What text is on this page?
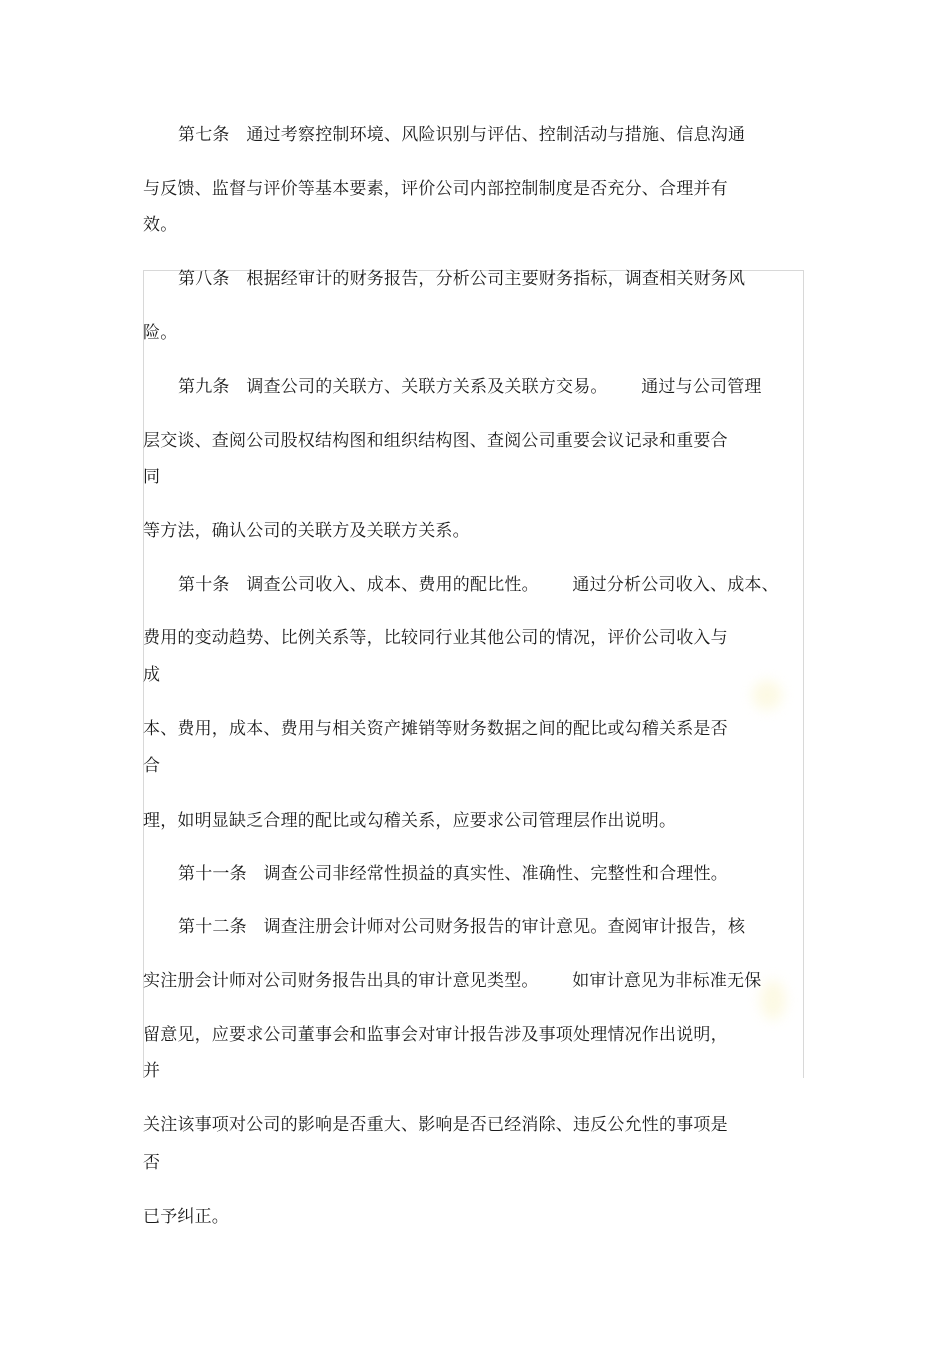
第七条   通过考察控制环境、风险识别与评估、控制活动与措施、信息沟通
与反馈、监督与评价等基本要素，评价公司内部控制制度是否充分、合理并有
效。
第八条   根据经审计的财务报告，分析公司主要财务指标，调查相关财务风
险。
第九条   调查公司的关联方、关联方关系及关联方交易。      通过与公司管理
层交谈、查阅公司股权结构图和组织结构图、查阅公司重要会议记录和重要合
同
等方法，确认公司的关联方及关联方关系。
第十条   调查公司收入、成本、费用的配比性。      通过分析公司收入、成本、
费用的变动趋势、比例关系等，比较同行业其他公司的情况，评价公司收入与
成
本、费用，成本、费用与相关资产摊销等财务数据之间的配比或勾稽关系是否
合
理，如明显缺乏合理的配比或勾稽关系，应要求公司管理层作出说明。
第十一条   调查公司非经常性损益的真实性、准确性、完整性和合理性。
第十二条   调查注册会计师对公司财务报告的审计意见。查阅审计报告，核
实注册会计师对公司财务报告出具的审计意见类型。      如审计意见为非标准无保
留意见，应要求公司董事会和监事会对审计报告涉及事项处理情况作出说明，
并
关注该事项对公司的影响是否重大、影响是否已经消除、违反公允性的事项是
否
已予纠正。
